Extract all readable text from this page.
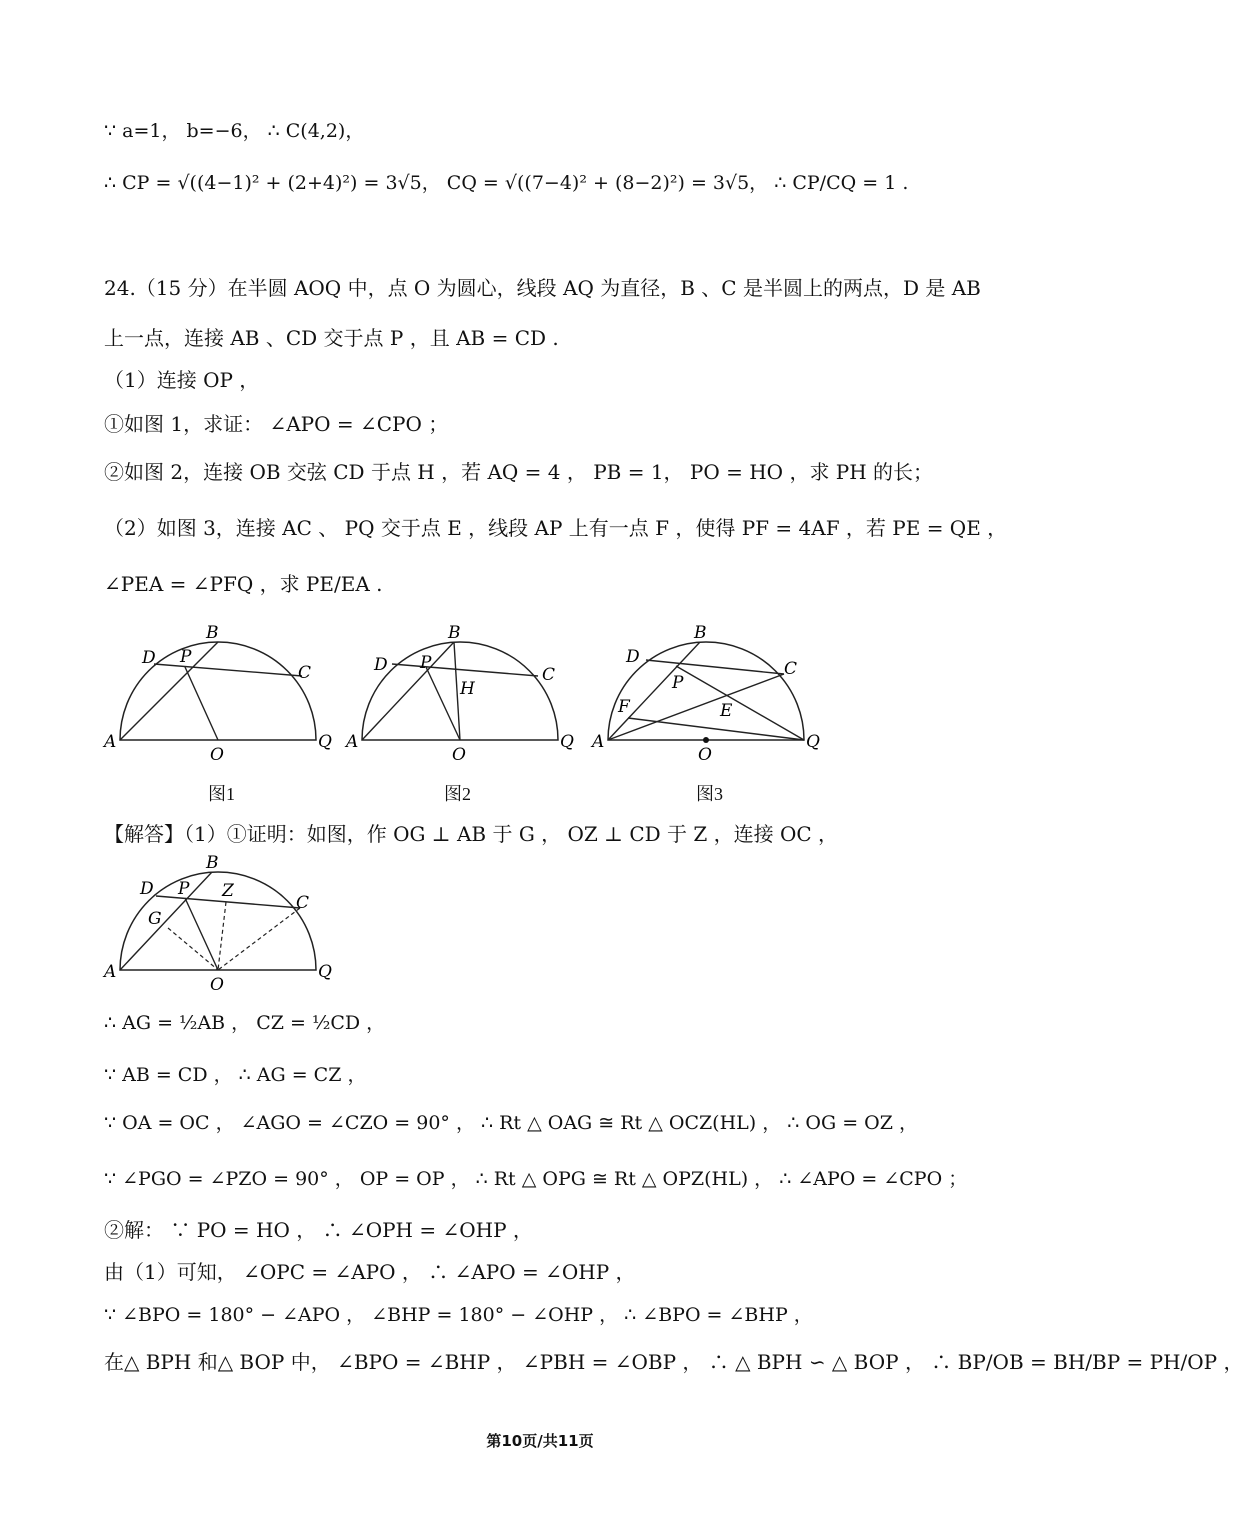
∵ a=1， b=−6， ∴ C(4,2)，
∴ CP = √((4−1)² + (2+4)²) = 3√5， CQ = √((7−4)² + (8−2)²) = 3√5， ∴ CP/CQ = 1 .
24.（15 分）在半圆 AOQ 中，点 O 为圆心，线段 AQ 为直径，B 、C 是半圆上的两点，D 是 AB
上一点，连接 AB 、CD 交于点 P ，且 AB = CD .
（1）连接 OP ，
①如图 1，求证： ∠APO = ∠CPO ；
②如图 2，连接 OB 交弦 CD 于点 H ，若 AQ = 4 ， PB = 1， PO = HO ，求 PH 的长；
（2）如图 3，连接 AC 、 PQ 交于点 E ，线段 AP 上有一点 F ，使得 PF = 4AF ，若 PE = QE ，
∠PEA = ∠PFQ ，求 PE/EA .
B
D P
C
A
O
Q
图1
B
D P
H
C
A
O
Q
图2
B
D
C
P
F	E
A
O
Q
图3
【解答】（1）①证明：如图，作 OG ⊥ AB 于 G ， OZ ⊥ CD 于 Z ，连接 OC ，
B
D P Z
G
C
A
O
Q
∴ AG = ½AB ， CZ = ½CD ，
∵ AB = CD ， ∴ AG = CZ ，
∵ OA = OC ， ∠AGO = ∠CZO = 90° ， ∴ Rt △ OAG ≅ Rt △ OCZ(HL) ， ∴ OG = OZ ，
∵ ∠PGO = ∠PZO = 90° ， OP = OP ， ∴ Rt △ OPG ≅ Rt △ OPZ(HL) ， ∴ ∠APO = ∠CPO ；
②解： ∵ PO = HO ， ∴ ∠OPH = ∠OHP ，
由（1）可知， ∠OPC = ∠APO ， ∴ ∠APO = ∠OHP ，
∵ ∠BPO = 180° − ∠APO ， ∠BHP = 180° − ∠OHP ， ∴ ∠BPO = ∠BHP ，
在△ BPH 和△ BOP 中， ∠BPO = ∠BHP ， ∠PBH = ∠OBP ， ∴ △ BPH ∽ △ BOP ， ∴ BP/OB = BH/BP = PH/OP ，
第10页/共11页
